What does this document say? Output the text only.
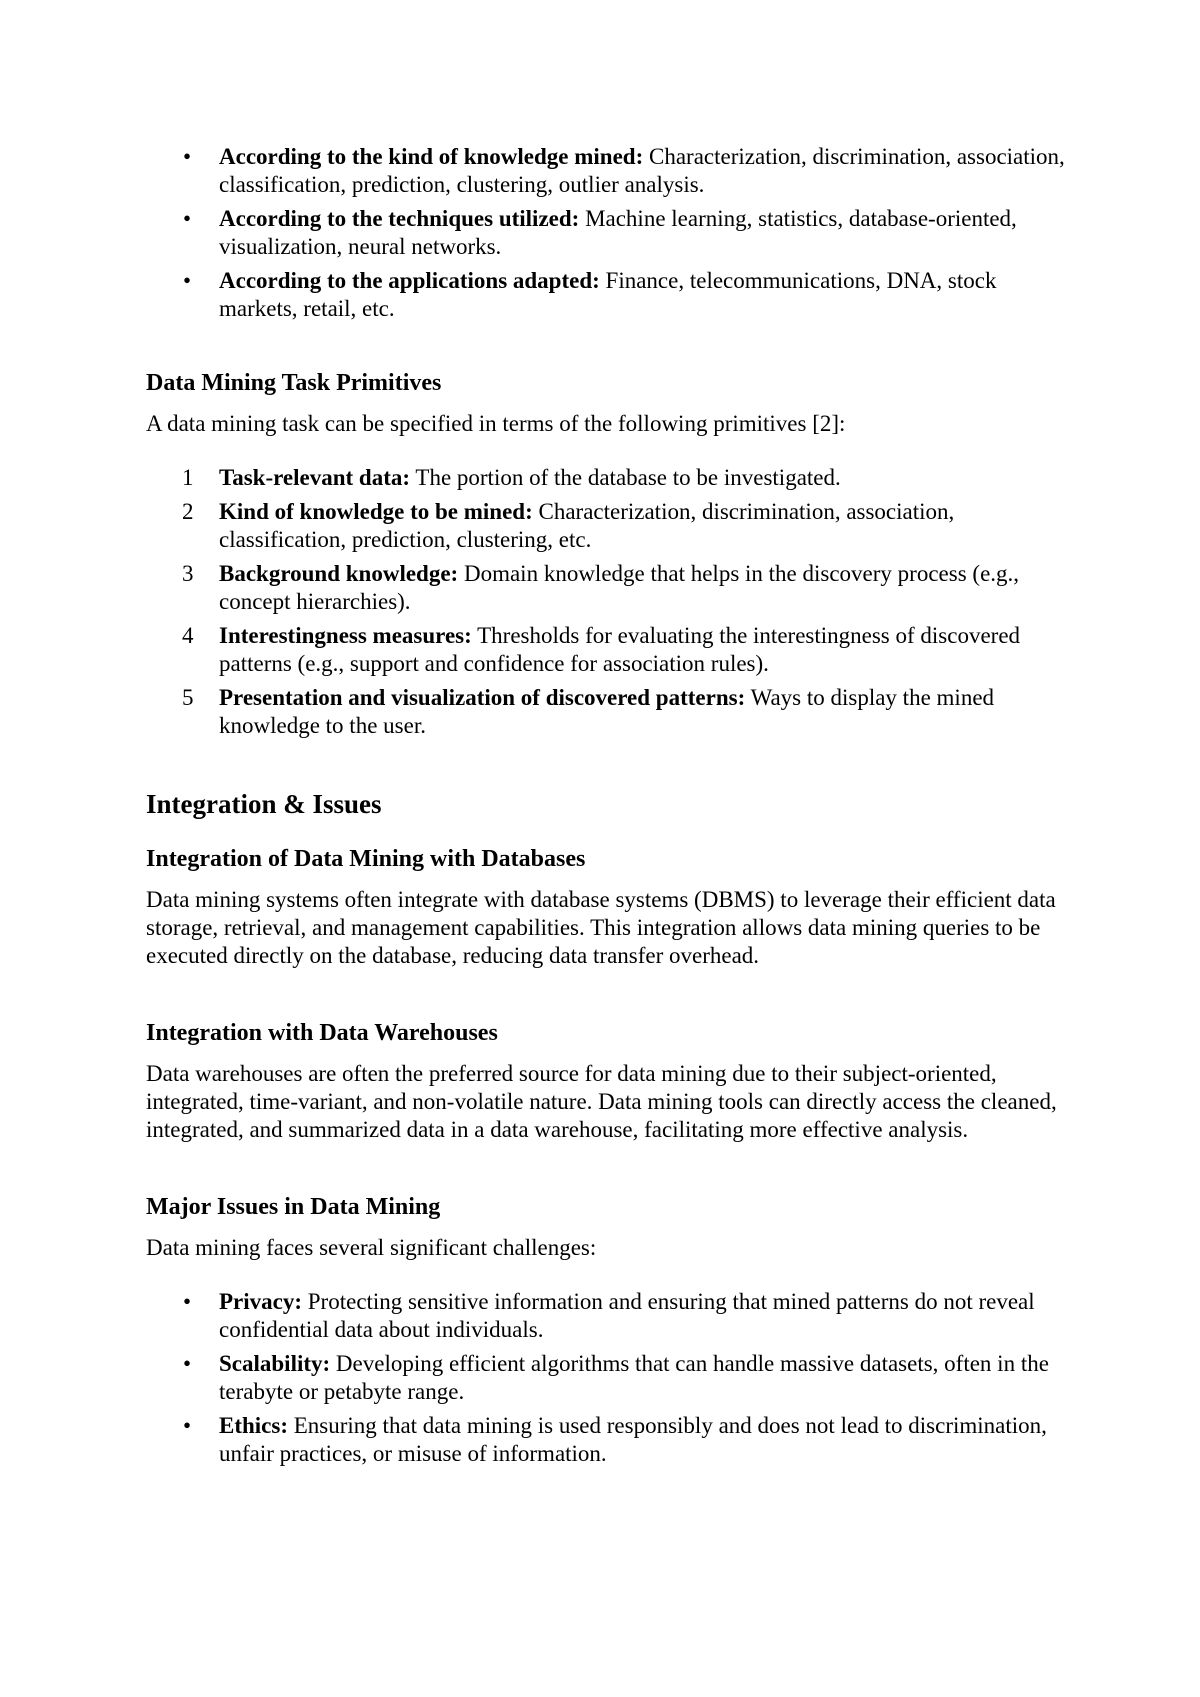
• According to the kind of knowledge mined: Characterization, discrimination, association, classification, prediction, clustering, outlier analysis.
• According to the techniques utilized: Machine learning, statistics, database-oriented, visualization, neural networks.
• According to the applications adapted: Finance, telecommunications, DNA, stock markets, retail, etc.
Data Mining Task Primitives

A data mining task can be specified in terms of the following primitives [2]:

1 Task-relevant data: The portion of the database to be investigated.
2 Kind of knowledge to be mined: Characterization, discrimination, association, classification, prediction, clustering, etc.
3 Background knowledge: Domain knowledge that helps in the discovery process (e.g., concept hierarchies).
4 Interestingness measures: Thresholds for evaluating the interestingness of discovered patterns (e.g., support and confidence for association rules).
5 Presentation and visualization of discovered patterns: Ways to display the mined knowledge to the user.
Integration & Issues
Integration of Data Mining with Databases

Data mining systems often integrate with database systems (DBMS) to leverage their efficient data storage, retrieval, and management capabilities. This integration allows data mining queries to be executed directly on the database, reducing data transfer overhead.

Integration with Data Warehouses

Data warehouses are often the preferred source for data mining due to their subject-oriented, integrated, time-variant, and non-volatile nature. Data mining tools can directly access the cleaned, integrated, and summarized data in a data warehouse, facilitating more effective analysis.

Major Issues in Data Mining

Data mining faces several significant challenges:

• Privacy: Protecting sensitive information and ensuring that mined patterns do not reveal confidential data about individuals.
• Scalability: Developing efficient algorithms that can handle massive datasets, often in the terabyte or petabyte range.
• Ethics: Ensuring that data mining is used responsibly and does not lead to discrimination, unfair practices, or misuse of information.
